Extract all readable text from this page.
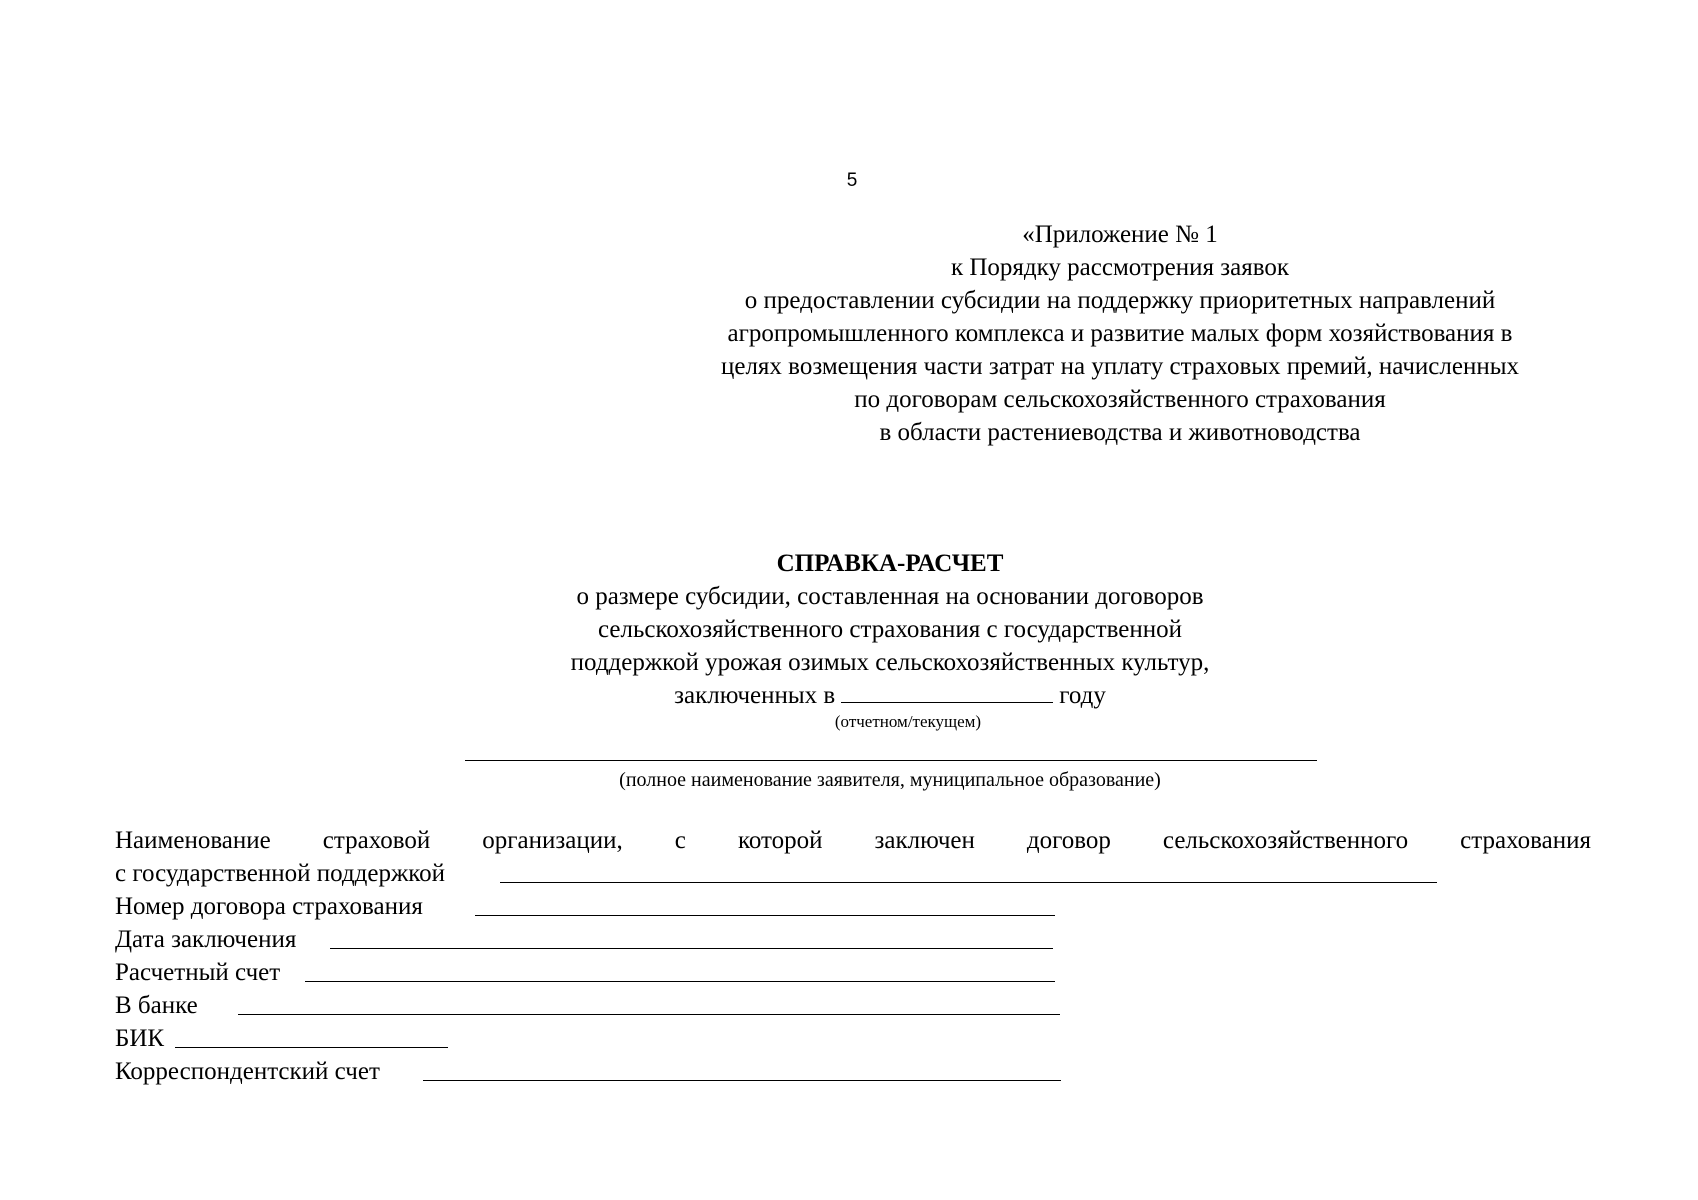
5
«Приложение № 1
к Порядку рассмотрения заявок
о предоставлении субсидии на поддержку приоритетных направлений
агропромышленного комплекса и развитие малых форм хозяйствования в
целях возмещения части затрат на уплату страховых премий, начисленных
по договорам сельскохозяйственного страхования
в области растениеводства и животноводства
СПРАВКА-РАСЧЕТ
о размере субсидии, составленная на основании договоров
сельскохозяйственного страхования с государственной
поддержкой урожая озимых сельскохозяйственных культур,
заключенных в	году
(отчетном/текущем)
(полное наименование заявителя, муниципальное образование)
Наименование страховой организации, с которой заключен договор сельскохозяйственного страхования
с государственной поддержкой
Номер договора страхования
Дата заключения
Расчетный счет
В банке
БИК
Корреспондентский счет
